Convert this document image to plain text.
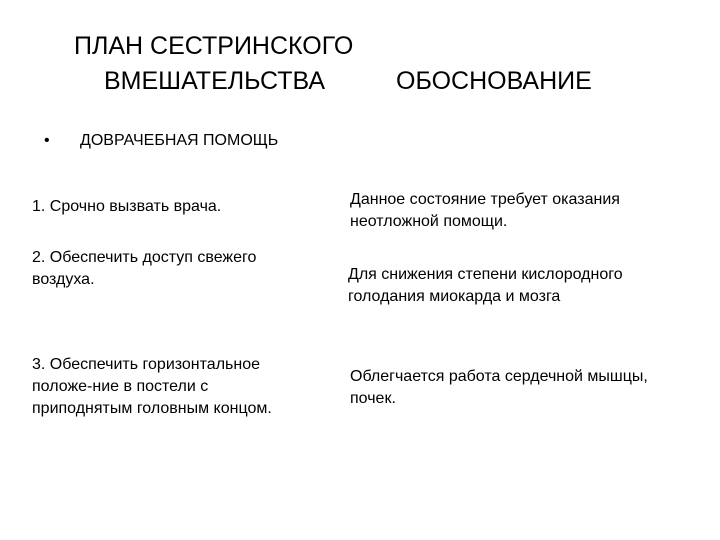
ПЛАН СЕСТРИНСКОГО
ВМЕШАТЕЛЬСТВА	ОБОСНОВАНИЕ
• ДОВРАЧЕБНАЯ ПОМОЩЬ
1. Срочно вызвать врача.
2. Обеспечить доступ свежего
воздуха.
3. Обеспечить горизонтальное
положе-ние в постели с
приподнятым головным концом.
Данное состояние требует оказания
неотложной помощи.
Для снижения степени кислородного
голодания миокарда и мозга
Облегчается работа сердечной мышцы,
почек.
